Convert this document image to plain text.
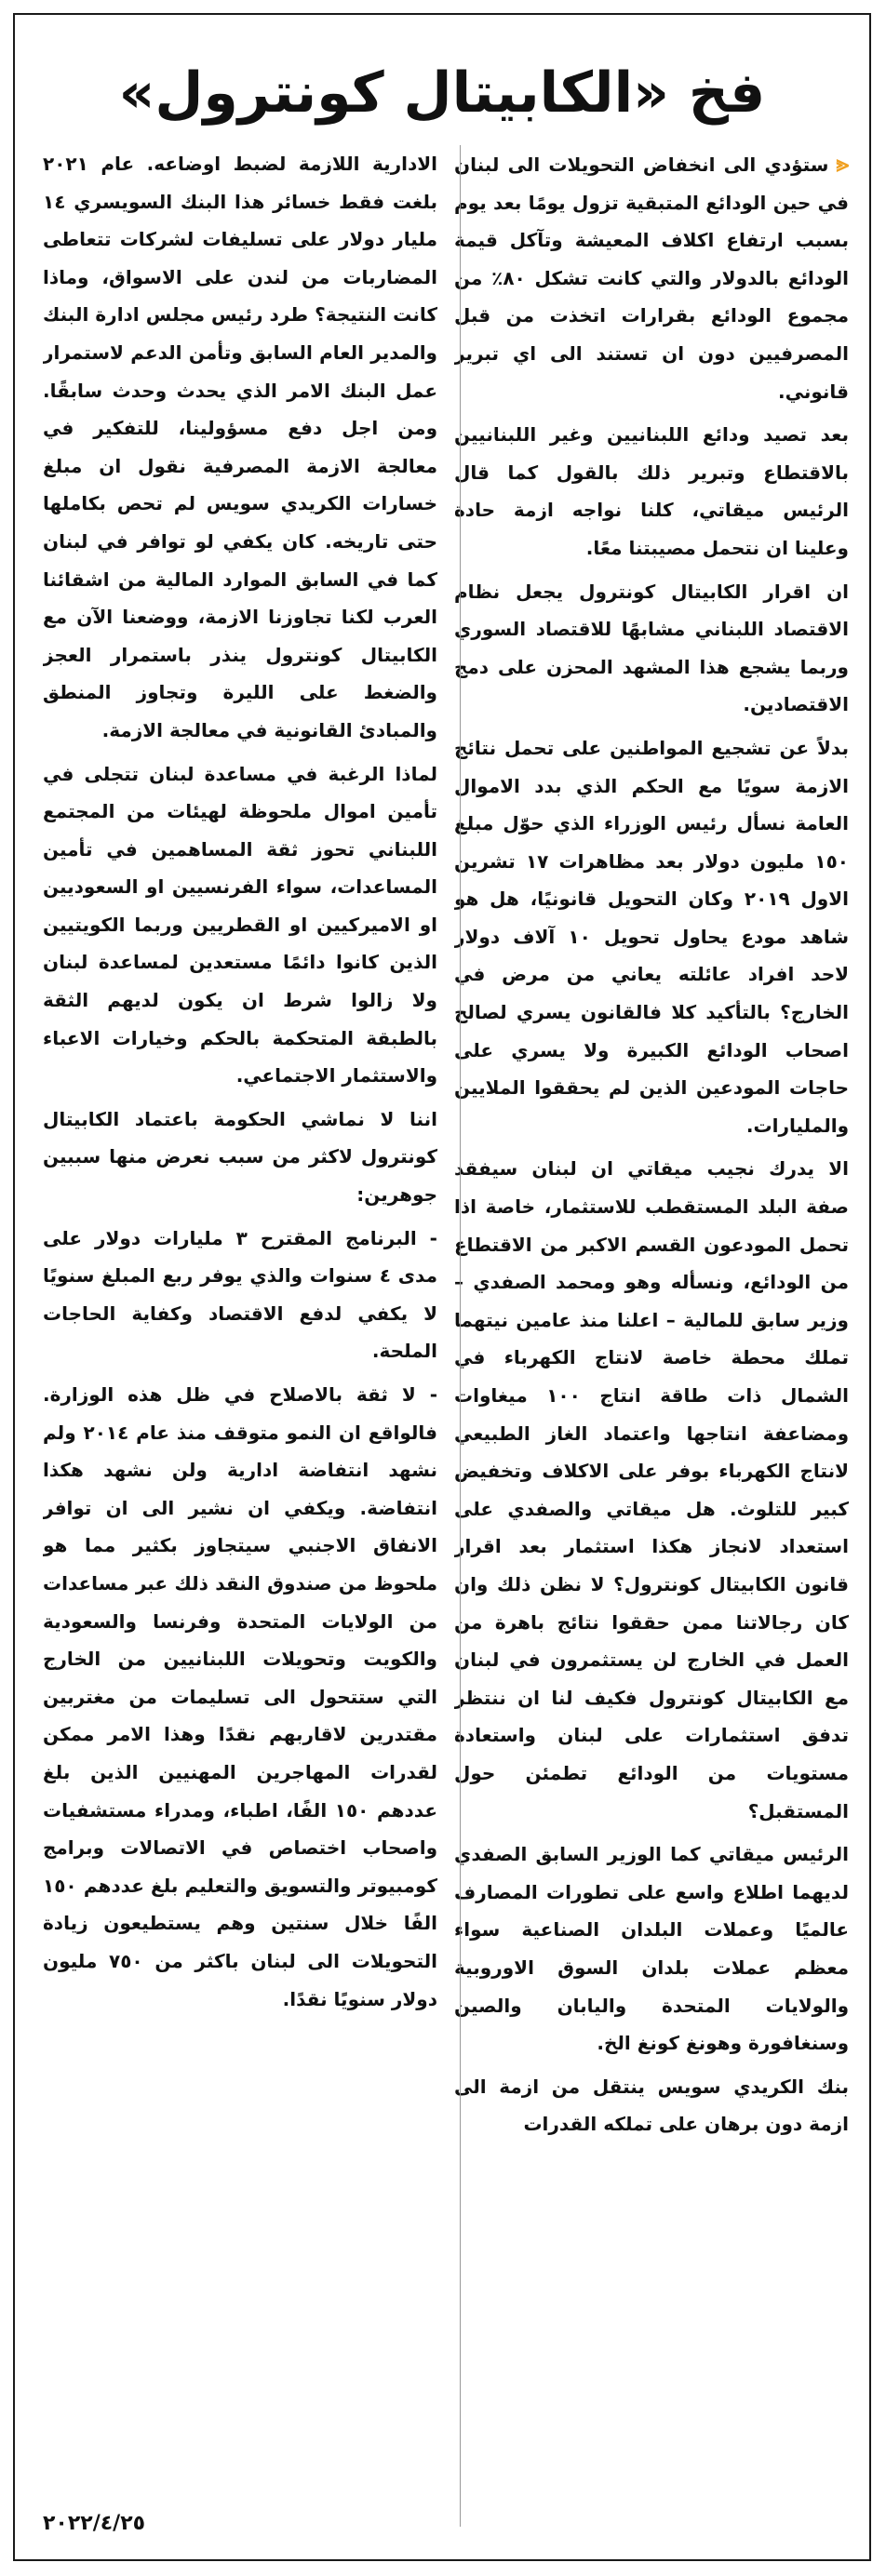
فخ «الكابيتال كونترول»

⪡ستؤدي الى انخفاض التحويلات الى لبنان في حين الودائع المتبقية تزول يومًا بعد يوم بسبب ارتفاع اكلاف المعيشة وتآكل قيمة الودائع بالدولار والتي كانت تشكل ٨٠٪ من مجموع الودائع بقرارات اتخذت من قبل المصرفيين دون ان تستند الى اي تبرير قانوني.

بعد تصيد ودائع اللبنانيين وغير اللبنانيين بالاقتطاع وتبرير ذلك بالقول كما قال الرئيس ميقاتي، كلنا نواجه ازمة حادة وعلينا ان نتحمل مصيبتنا معًا.

ان اقرار الكابيتال كونترول يجعل نظام الاقتصاد اللبناني مشابهًا للاقتصاد السوري وربما يشجع هذا المشهد المحزن على دمج الاقتصادين.

بدلاً عن تشجيع المواطنين على تحمل نتائج الازمة سويًا مع الحكم الذي بدد الاموال العامة نسأل رئيس الوزراء الذي حوّل مبلغ ١٥٠ مليون دولار بعد مظاهرات ١٧ تشرين الاول ٢٠١٩ وكان التحويل قانونيًا، هل هو شاهد مودع يحاول تحويل ١٠ آلاف دولار لاحد افراد عائلته يعاني من مرض في الخارج؟ بالتأكيد كلا فالقانون يسري لصالح اصحاب الودائع الكبيرة ولا يسري على حاجات المودعين الذين لم يحققوا الملايين والمليارات.

الا يدرك نجيب ميقاتي ان لبنان سيفقد صفة البلد المستقطب للاستثمار، خاصة اذا تحمل المودعون القسم الاكبر من الاقتطاع من الودائع، ونسأله وهو ومحمد الصفدي – وزير سابق للمالية – اعلنا منذ عامين نيتهما تملك محطة خاصة لانتاج الكهرباء في الشمال ذات طاقة انتاج ١٠٠ ميغاوات ومضاعفة انتاجها واعتماد الغاز الطبيعي لانتاج الكهرباء بوفر على الاكلاف وتخفيض كبير للتلوث. هل ميقاتي والصفدي على استعداد لانجاز هكذا استثمار بعد اقرار قانون الكابيتال كونترول؟ لا نظن ذلك وان كان رجالاتنا ممن حققوا نتائج باهرة من العمل في الخارج لن يستثمرون في لبنان مع الكابيتال كونترول فكيف لنا ان ننتظر تدفق استثمارات على لبنان واستعادة مستويات من الودائع تطمئن حول المستقبل؟

الرئيس ميقاتي كما الوزير السابق الصفدي لديهما اطلاع واسع على تطورات المصارف عالميًا وعملات البلدان الصناعية سواء معظم عملات بلدان السوق الاوروبية والولايات المتحدة واليابان والصين وسنغافورة وهونغ كونغ الخ.

بنك الكريدي سويس ينتقل من ازمة الى ازمة دون برهان على تملكه القدرات

الادارية اللازمة لضبط اوضاعه. عام ٢٠٢١ بلغت فقط خسائر هذا البنك السويسري ١٤ مليار دولار على تسليفات لشركات تتعاطى المضاربات من لندن على الاسواق، وماذا كانت النتيجة؟ طرد رئيس مجلس ادارة البنك والمدير العام السابق وتأمن الدعم لاستمرار عمل البنك الامر الذي يحدث وحدث سابقًا. ومن اجل دفع مسؤولينا، للتفكير في معالجة الازمة المصرفية نقول ان مبلغ خسارات الكريدي سويس لم تحص بكاملها حتى تاريخه. كان يكفي لو توافر في لبنان كما في السابق الموارد المالية من اشقائنا العرب لكنا تجاوزنا الازمة، ووضعنا الآن مع الكابيتال كونترول ينذر باستمرار العجز والضغط على الليرة وتجاوز المنطق والمبادئ القانونية في معالجة الازمة.

لماذا الرغبة في مساعدة لبنان تتجلى في تأمين اموال ملحوظة لهيئات من المجتمع اللبناني تحوز ثقة المساهمين في تأمين المساعدات، سواء الفرنسيين او السعوديين او الاميركيين او القطريين وربما الكويتيين الذين كانوا دائمًا مستعدين لمساعدة لبنان ولا زالوا شرط ان يكون لديهم الثقة بالطبقة المتحكمة بالحكم وخيارات الاعباء والاستثمار الاجتماعي.

اننا لا نماشي الحكومة باعتماد الكابيتال كونترول لاكثر من سبب نعرض منها سببين جوهرين:

- البرنامج المقترح ٣ مليارات دولار على مدى ٤ سنوات والذي يوفر ربع المبلغ سنويًا لا يكفي لدفع الاقتصاد وكفاية الحاجات الملحة.

- لا ثقة بالاصلاح في ظل هذه الوزارة. فالواقع ان النمو متوقف منذ عام ٢٠١٤ ولم نشهد انتفاضة ادارية ولن نشهد هكذا انتفاضة. ويكفي ان نشير الى ان توافر الانفاق الاجنبي سيتجاوز بكثير مما هو ملحوظ من صندوق النقد ذلك عبر مساعدات من الولايات المتحدة وفرنسا والسعودية والكويت وتحويلات اللبنانيين من الخارج التي ستتحول الى تسليمات من مغتربين مقتدرين لاقاربهم نقدًا وهذا الامر ممكن لقدرات المهاجرين المهنيين الذين بلغ عددهم ١٥٠ الفًا، اطباء، ومدراء مستشفيات واصحاب اختصاص في الاتصالات وبرامج كومبيوتر والتسويق والتعليم بلغ عددهم ١٥٠ الفًا خلال سنتين وهم يستطيعون زيادة التحويلات الى لبنان باكثر من ٧٥٠ مليون دولار سنويًا نقدًا.

٢٠٢٢/٤/٢٥
